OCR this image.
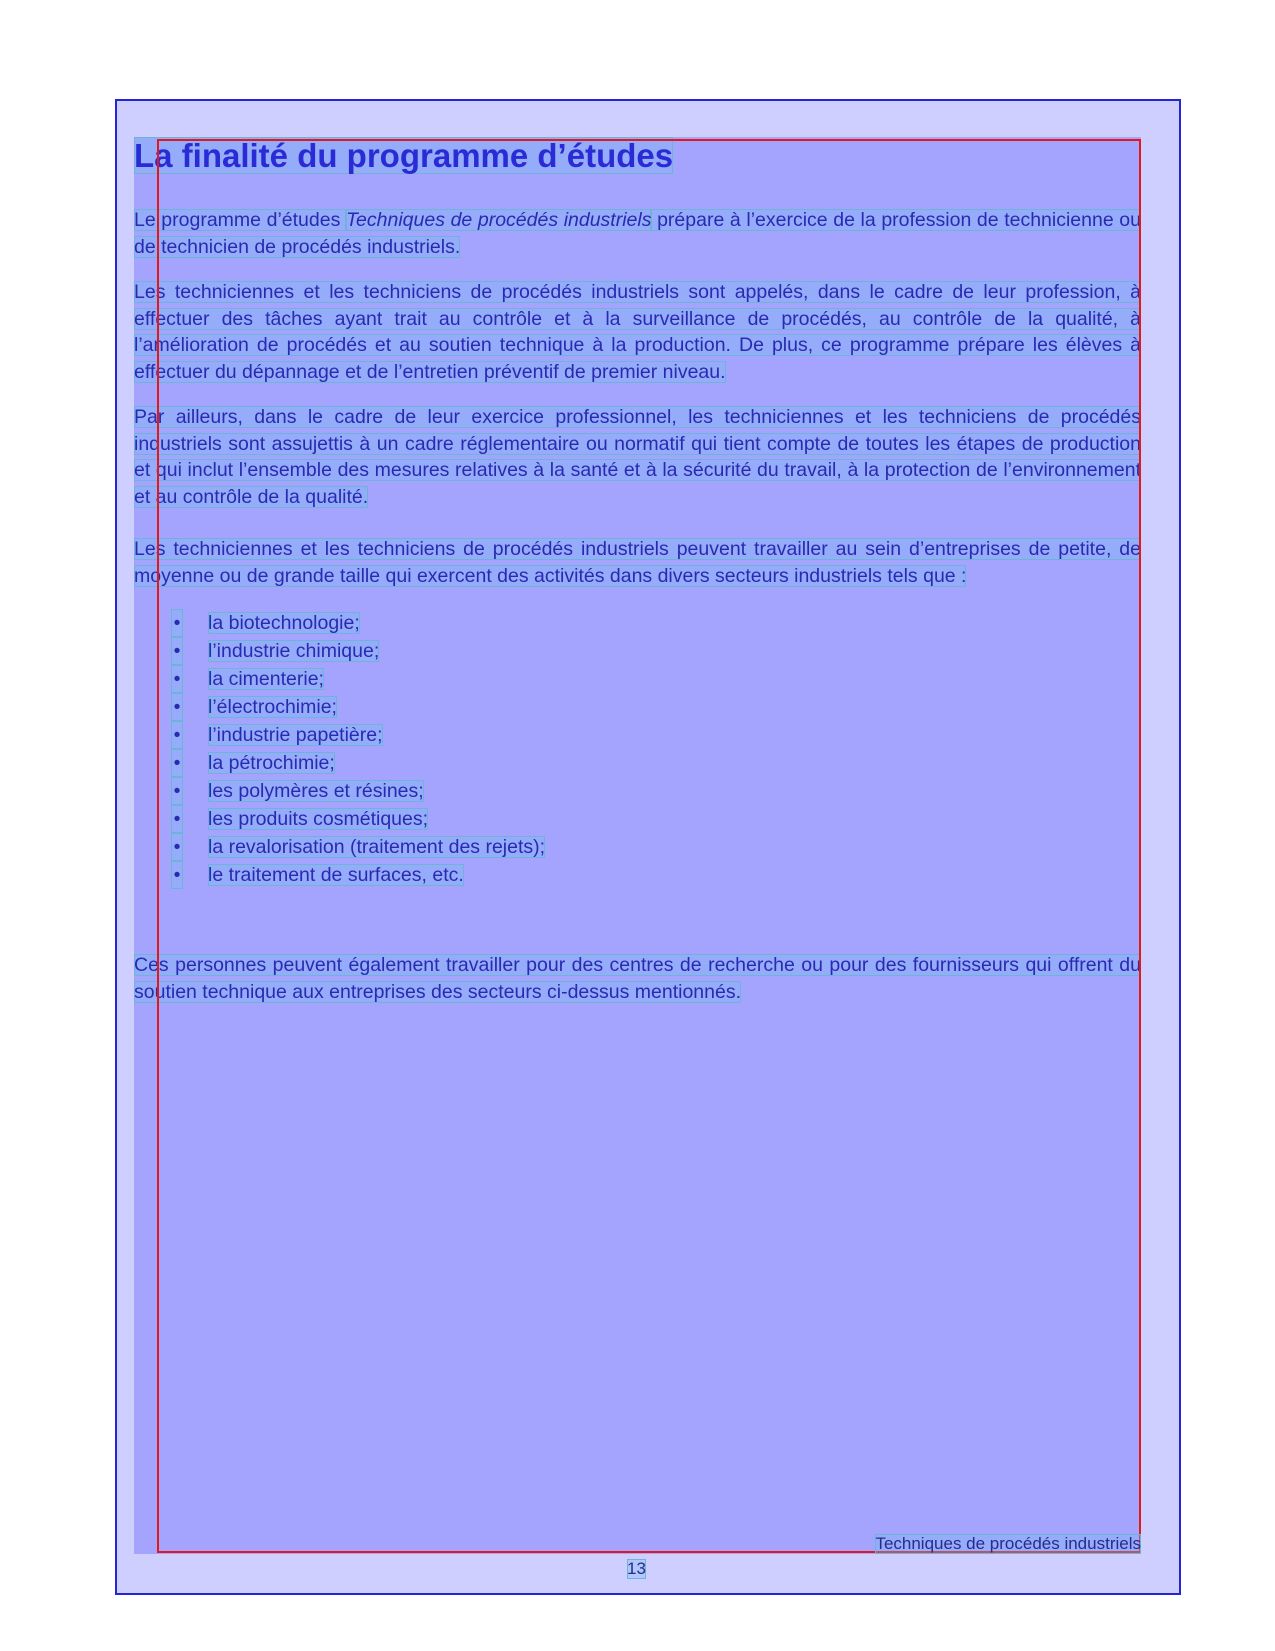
La finalité du programme d’études

Le programme d’études Techniques de procédés industriels prépare à l’exercice de la profession de technicienne ou de technicien de procédés industriels.

Les techniciennes et les techniciens de procédés industriels sont appelés, dans le cadre de leur profession, à effectuer des tâches ayant trait au contrôle et à la surveillance de procédés, au contrôle de la qualité, à l’amélioration de procédés et au soutien technique à la production. De plus, ce programme prépare les élèves à effectuer du dépannage et de l’entretien préventif de premier niveau.

Par ailleurs, dans le cadre de leur exercice professionnel, les techniciennes et les techniciens de procédés industriels sont assujettis à un cadre réglementaire ou normatif qui tient compte de toutes les étapes de production et qui inclut l’ensemble des mesures relatives à la santé et à la sécurité du travail, à la protection de l’environnement et au contrôle de la qualité.

Les techniciennes et les techniciens de procédés industriels peuvent travailler au sein d’entreprises de petite, de moyenne ou de grande taille qui exercent des activités dans divers secteurs industriels tels que :

• la biotechnologie;
• l’industrie chimique;
• la cimenterie;
• l’électrochimie;
• l’industrie papetière;
• la pétrochimie;
• les polymères et résines;
• les produits cosmétiques;
• la revalorisation (traitement des rejets);
• le traitement de surfaces, etc.

Ces personnes peuvent également travailler pour des centres de recherche ou pour des fournisseurs qui offrent du soutien technique aux entreprises des secteurs ci-dessus mentionnés.

Techniques de procédés industriels
13
